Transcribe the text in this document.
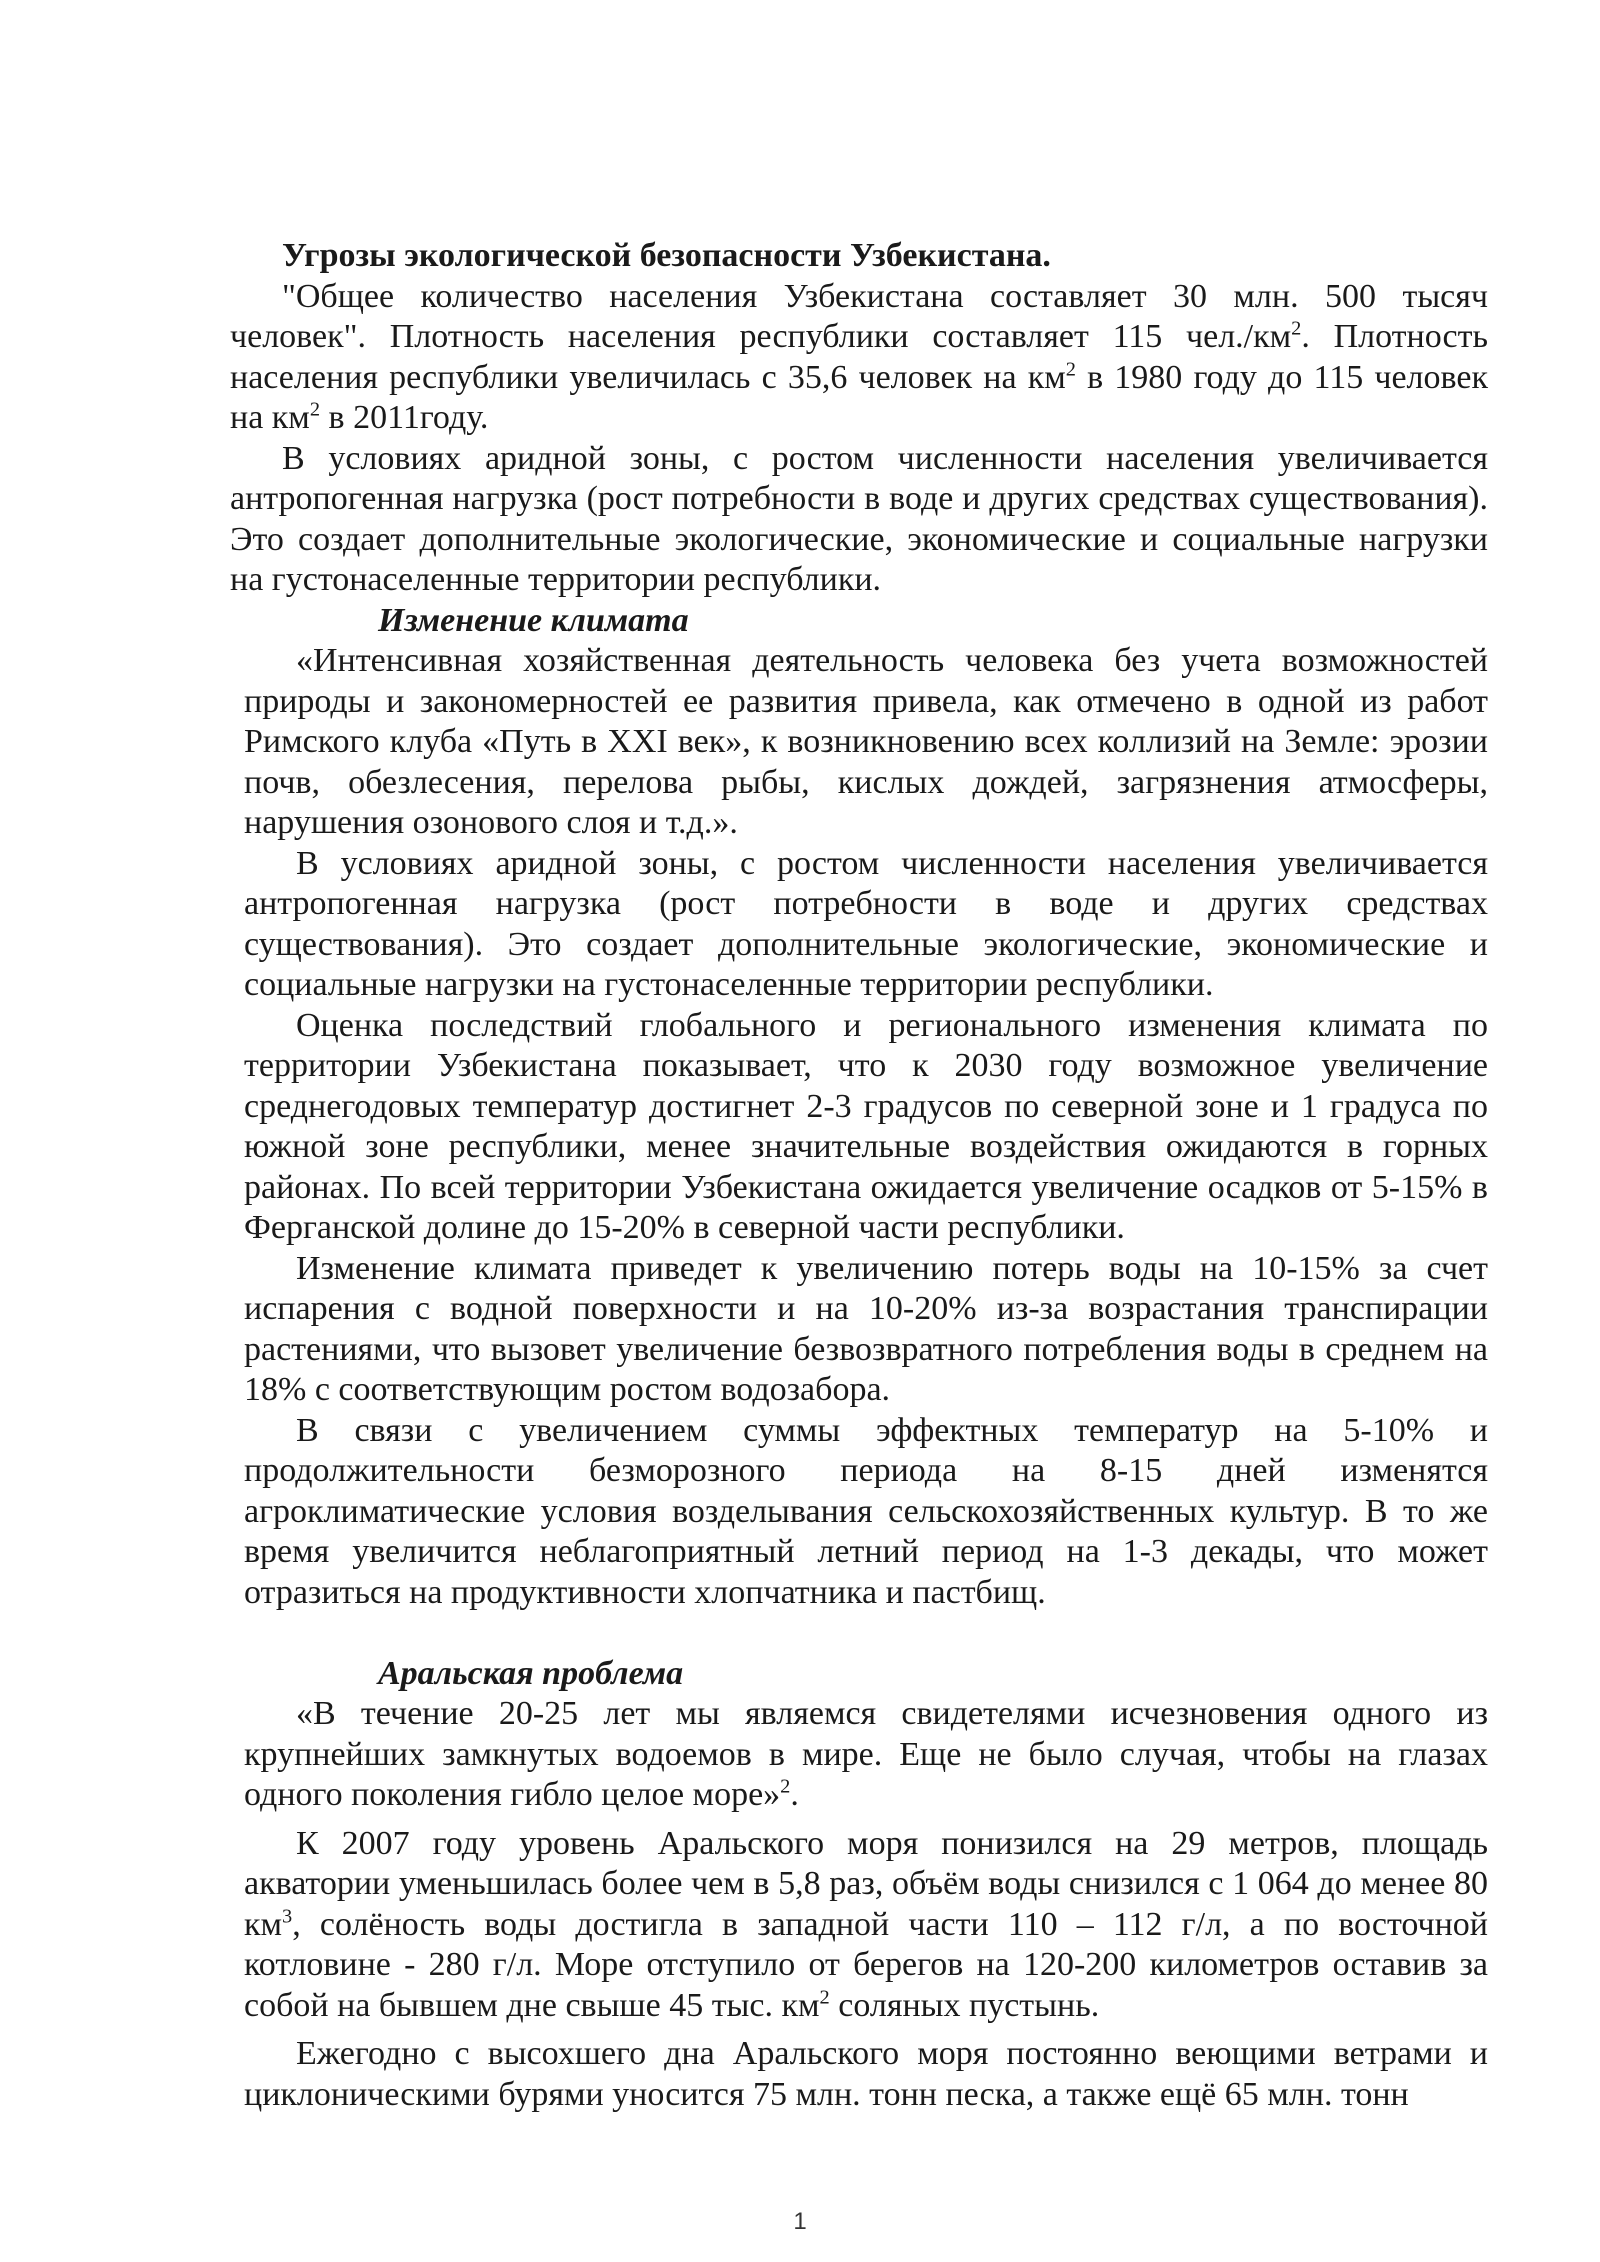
Угрозы экологической безопасности Узбекистана.

"Общее количество населения Узбекистана составляет 30 млн. 500 тысяч человек". Плотность населения республики составляет 115 $чел./км^2$. Плотность населения республики увеличилась с 35,6 человек на $км^2$ в 1980 году до 115 человек на $км^2$ в 2011году.

В условиях аридной зоны, с ростом численности населения увеличивается антропогенная нагрузка (рост потребности в воде и других средствах существования). Это создает дополнительные экологические, экономические и социальные нагрузки на густонаселенные территории республики.

Изменение климата

«Интенсивная хозяйственная деятельность человека без учета возможностей природы и закономерностей ее развития привела, как отмечено в одной из работ Римского клуба «Путь в XXI век», к возникновению всех коллизий на Земле: эрозии почв, обезлесения, перелова рыбы, кислых дождей, загрязнения атмосферы, нарушения озонового слоя и т.д.».

В условиях аридной зоны, с ростом численности населения увеличивается антропогенная нагрузка (рост потребности в воде и других средствах существования). Это создает дополнительные экологические, экономические и социальные нагрузки на густонаселенные территории республики.

Оценка последствий глобального и регионального изменения климата по территории Узбекистана показывает, что к 2030 году возможное увеличение среднегодовых температур достигнет 2-3 градусов по северной зоне и 1 градуса по южной зоне республики, менее значительные воздействия ожидаются в горных районах. По всей территории Узбекистана ожидается увеличение осадков от 5-15% в Ферганской долине до 15-20% в северной части республики.

Изменение климата приведет к увеличению потерь воды на 10-15% за счет испарения с водной поверхности и на 10-20% из-за возрастания транспирации растениями, что вызовет увеличение безвозвратного потребления воды в среднем на 18% с соответствующим ростом водозабора.

В связи с увеличением суммы эффектных температур на 5-10% и продолжительности безморозного периода на 8-15 дней изменятся агроклиматические условия возделывания сельскохозяйственных культур. В то же время увеличится неблагоприятный летний период на 1-3 декады, что может отразиться на продуктивности хлопчатника и пастбищ.

Аральская проблема

«В течение 20-25 лет мы являемся свидетелями исчезновения одного из крупнейших замкнутых водоемов в мире. Еще не было случая, чтобы на глазах одного поколения гибло целое море»$^2$.

К 2007 году уровень Аральского моря понизился на 29 метров, площадь акватории уменьшилась более чем в 5,8 раз, объём воды снизился с 1 064 до менее 80 $км^3$, солёность воды достигла в западной части 110 – 112 г/л, а по восточной котловине - 280 г/л. Море отступило от берегов на 120-200 километров оставив за собой на бывшем дне свыше 45 тыс. $км^2$ соляных пустынь.

Ежегодно с высохшего дна Аральского моря постоянно веющими ветрами и циклоническими бурями уносится 75 млн. тонн песка, а также ещё 65 млн. тонн

1
